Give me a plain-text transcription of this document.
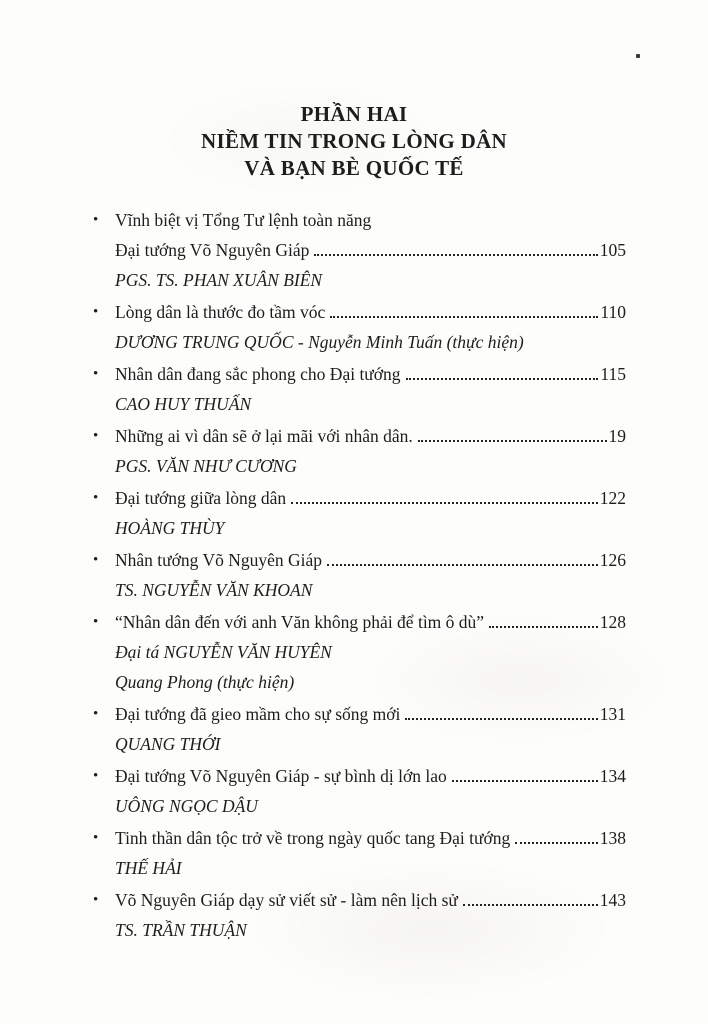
PHẦN HAI
NIỀM TIN TRONG LÒNG DÂN
VÀ BẠN BÈ QUỐC TẾ
• Vĩnh biệt vị Tổng Tư lệnh toàn năng
Đại tướng Võ Nguyên Giáp	105
PGS. TS. PHAN XUÂN BIÊN
• Lòng dân là thước đo tầm vóc	110
DƯƠNG TRUNG QUỐC - Nguyễn Minh Tuấn (thực hiện)
• Nhân dân đang sắc phong cho Đại tướng	115
CAO HUY THUẤN
• Những ai vì dân sẽ ở lại mãi với nhân dân.	19
PGS. VĂN NHƯ CƯƠNG
• Đại tướng giữa lòng dân	122
HOÀNG THÙY
• Nhân tướng Võ Nguyên Giáp	126
TS. NGUYỄN VĂN KHOAN
• “Nhân dân đến với anh Văn không phải để tìm ô dù”	128
Đại tá NGUYỄN VĂN HUYÊN
Quang Phong (thực hiện)
• Đại tướng đã gieo mầm cho sự sống mới	131
QUANG THỚI
• Đại tướng Võ Nguyên Giáp - sự bình dị lớn lao	134
UÔNG NGỌC DẬU
• Tinh thần dân tộc trở về trong ngày quốc tang Đại tướng	138
THẾ HẢI
• Võ Nguyên Giáp dạy sử viết sử - làm nên lịch sử	143
TS. TRẦN THUẬN
